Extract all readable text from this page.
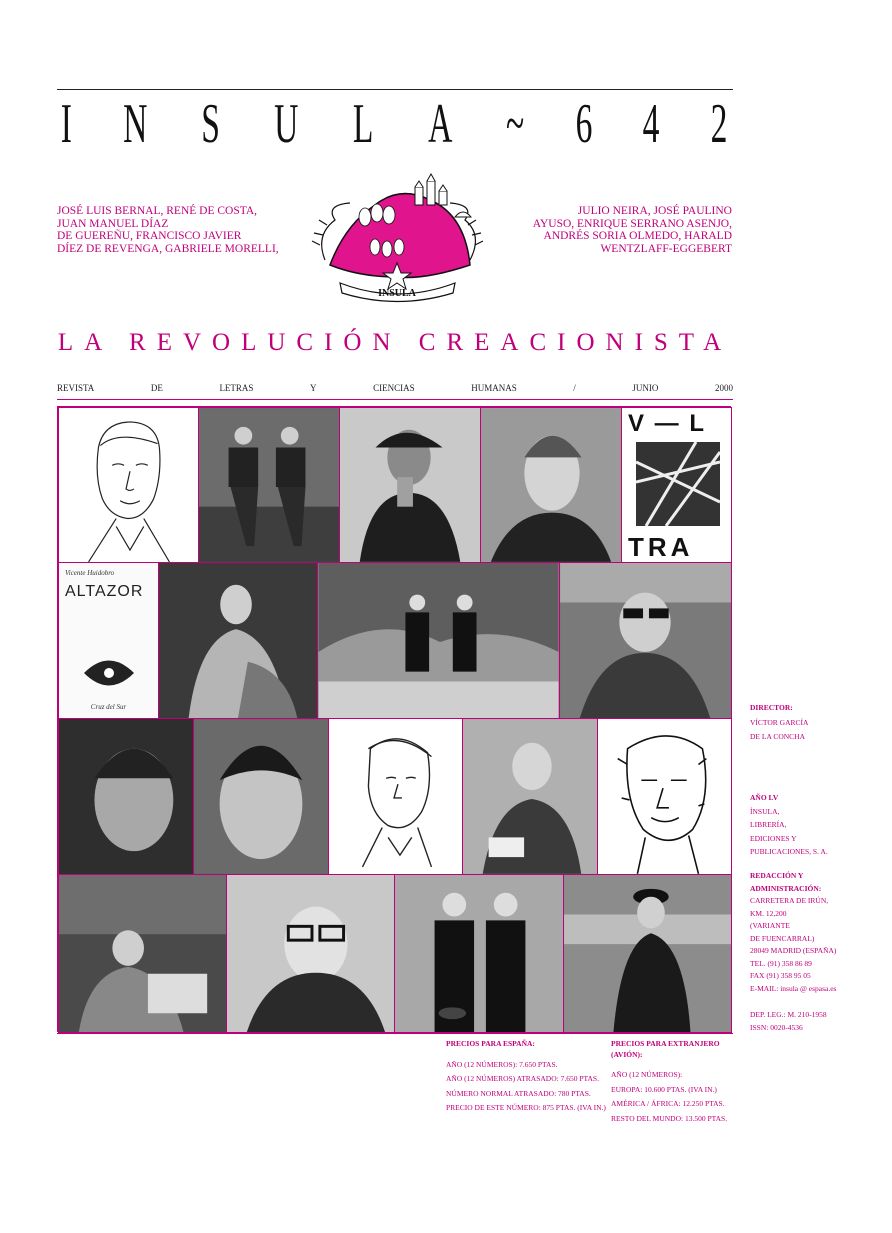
I N S U L A ~ 6 4 2
JOSÉ LUIS BERNAL, RENÉ DE COSTA,
JUAN MANUEL DÍAZ
DE GUEREÑU, FRANCISCO JAVIER
DÍEZ DE REVENGA, GABRIELE MORELLI,
JULIO NEIRA, JOSÉ PAULINO
AYUSO, ENRIQUE SERRANO ASENJO,
ANDRÉS SORIA OLMEDO, HARALD
WENTZLAFF-EGGEBERT
INSULA
LA REVOLUCIÓN CREACIONISTA
REVISTA	DE	LETRAS	Y	CIENCIAS	HUMANAS	/	JUNIO	2000
V — L
TRA
Vicente Huidobro
ALTAZOR
Cruz del Sur	DIRECTOR:
VÍCTOR GARCÍA
DE LA CONCHA
AÑO LV
ÍNSULA,
LIBRERÍA,
EDICIONES Y
PUBLICACIONES, S. A.
REDACCIÓN Y
ADMINISTRACIÓN:
CARRETERA DE IRÚN,
KM. 12,200
(VARIANTE
DE FUENCARRAL)
28049 MADRID (ESPAÑA)
TEL. (91) 358 86 89
FAX (91) 358 95 05
E-MAIL: insula @ espasa.es
DEP. LEG.: M. 210-1958
ISSN: 0020-4536
PRECIOS PARA ESPAÑA:
AÑO (12 NÚMEROS): 7.650 PTAS.
AÑO (12 NÚMEROS) ATRASADO: 7.650 PTAS.
NÚMERO NORMAL ATRASADO: 780 PTAS.
PRECIO DE ESTE NÚMERO: 875 PTAS. (IVA IN.)
PRECIOS PARA EXTRANJERO (AVIÓN):
AÑO (12 NÚMEROS):
EUROPA: 10.600 PTAS. (IVA IN.)
AMÉRICA / ÁFRICA: 12.250 PTAS.
RESTO DEL MUNDO: 13.500 PTAS.
